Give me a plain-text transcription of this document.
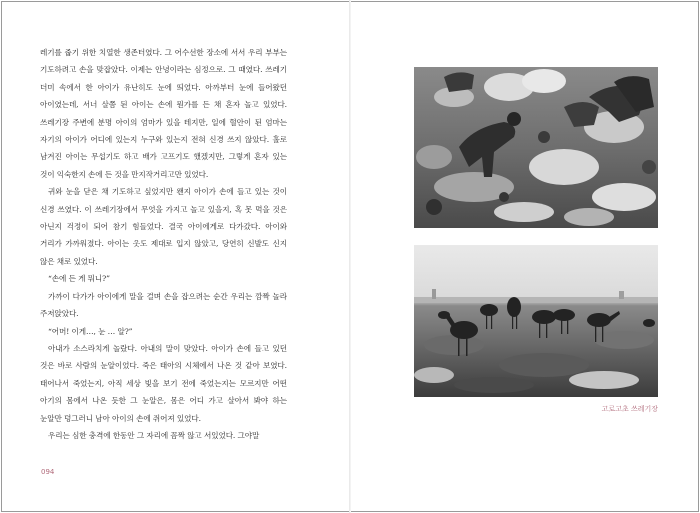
레기를 줍기 위한 치열한 생존터였다. 그 어수선한 장소에 서서 우리 부부는 기도하려고 손을 맞잡았다. 이제는 안녕이라는 심정으로. 그 때였다. 쓰레기 더미 속에서 한 아이가 유난히도 눈에 띄었다. 아까부터 눈에 들어왔던 아이였는데, 서너 살쯤 된 아이는 손에 뭔가를 든 채 혼자 놀고 있었다. 쓰레기장 주변에 분명 아이의 엄마가 있을 테지만, 일에 혈안이 된 엄마는 자기의 아이가 어디에 있는지 누구와 있는지 전혀 신경 쓰지 않았다. 홀로 남겨진 아이는 무섭기도 하고 배가 고프기도 했겠지만, 그렇게 혼자 있는 것이 익숙한지 손에 든 것을 만지작거리고만 있었다.

귀와 눈을 닫은 채 기도하고 싶었지만 왠지 아이가 손에 들고 있는 것이 신경 쓰였다. 이 쓰레기장에서 무엇을 가지고 놀고 있을지, 혹 못 먹을 것은 아닌지 걱정이 되어 참기 힘들었다. 결국 아이에게로 다가갔다. 아이와 거리가 가까워졌다. 아이는 옷도 제대로 입지 않았고, 당연히 신발도 신지 않은 채로 있었다.

“손에 든 게 뭐니?”

가까이 다가가 아이에게 말을 걸며 손을 잡으려는 순간 우리는 깜짝 놀라 주저앉았다.

“어머! 이게…, 눈 … 알?”

아내가 소스라치게 놀랐다. 아내의 말이 맞았다. 아이가 손에 들고 있던 것은 바로 사람의 눈알이었다. 죽은 태아의 시체에서 나온 것 같아 보였다. 태어나서 죽었는지, 아직 세상 빛을 보기 전에 죽었는지는 모르지만 어떤 아기의 몸에서 나온 듯한 그 눈알은, 몸은 어디 가고 살아서 봐야 하는 눈알만 덩그러니 남아 아이의 손에 쥐어져 있었다.

우리는 심한 충격에 한동안 그 자리에 꼼짝 않고 서있었다. 그야말

094
고로고초 쓰레기장
